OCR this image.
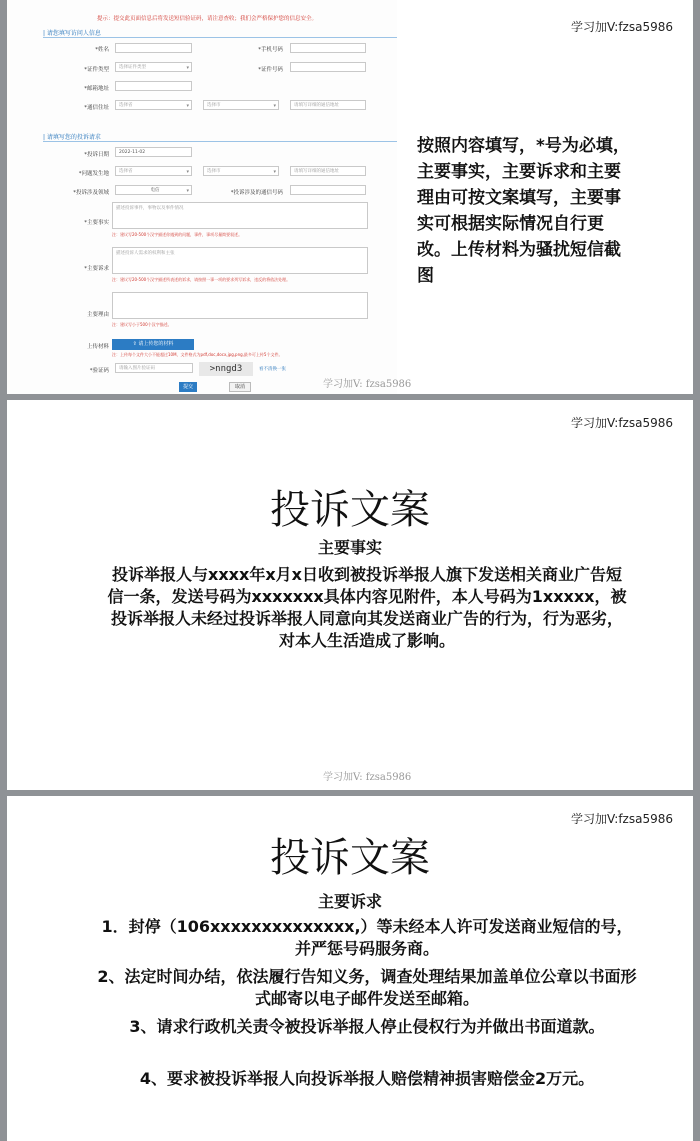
提示：提交此页面信息后将发送短信验证码，请注意查收；我们会严格保护您的信息安全。
| 请您填写访问人信息
*姓名	*手机号码
*证件类型	选择证件类型 ▾	*证件号码
*邮箱地址
*通信住址	选择省 ▾	选择市 ▾	请填写详细的通信地址
| 请填写您的投诉请求
*投诉日期	2022-11-02
*问题发生地	选择省 ▾	选择市 ▾	请填写详细的通信地址
*投诉涉及领域	电信 ▾	*投诉涉及的通信号码
*主要事实
描述投诉事件，事物以及事件情况
注：建议写20-500个汉字描述你遇到的问题，事件，事项尽量简要叙述。
*主要诉求
描述投诉人需求的权利和主张
注：建议写20-500个汉字描述所表述的诉求，请按照一事一项的要求列写诉求，违反的将依法处理。
主要理由
注：建议写小于500个汉字描述。
上传材料	⇪ 请上传您的材料
注：上传每个文件大小不能超过10M，文件格式为pdf,doc,docx,jpg,png,最多可上传5个文件。
*验证码	请输入图片验证码	>nngd3	看不清换一张
提交	取消
学习加V:fzsa5986
学习加V: fzsa5986
按照内容填写，*号为必填，主要事实，主要诉求和主要理由可按文案填写，主要事实可根据实际情况自行更改。上传材料为骚扰短信截图
学习加V:fzsa5986
投诉文案
主要事实
投诉举报人与xxxx年x月x日收到被投诉举报人旗下发送相关商业广告短信一条，发送号码为xxxxxxx具体内容见附件，本人号码为1xxxxx，被投诉举报人未经过投诉举报人同意向其发送商业广告的行为，行为恶劣，对本人生活造成了影响。
学习加V: fzsa5986
学习加V:fzsa5986
投诉文案
主要诉求

1．封停（106xxxxxxxxxxxxxx,）等未经本人许可发送商业短信的号，并严惩号码服务商。

2、法定时间办结，依法履行告知义务，调查处理结果加盖单位公章以书面形式邮寄以电子邮件发送至邮箱。

3、请求行政机关责令被投诉举报人停止侵权行为并做出书面道款。

4、要求被投诉举报人向投诉举报人赔偿精神损害赔偿金2万元。
